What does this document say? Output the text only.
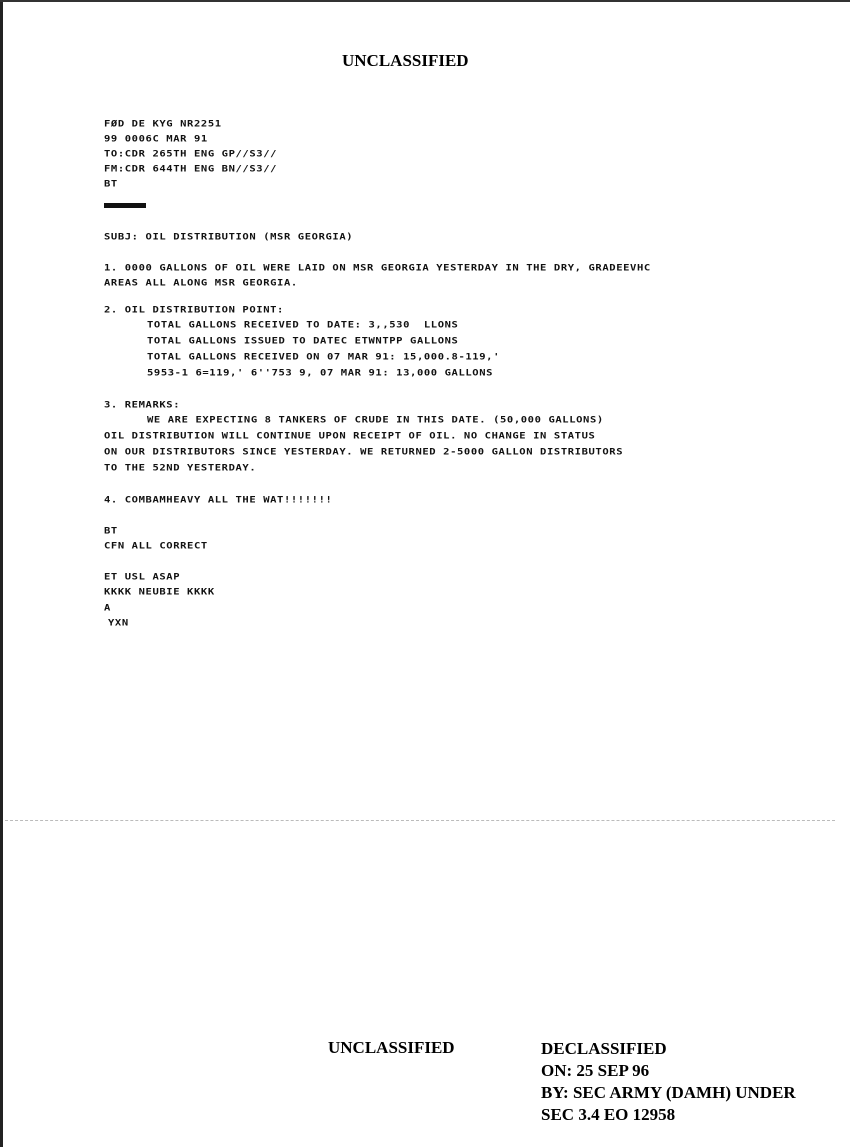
UNCLASSIFIED
FØD DE KYG NR2251
99 0006C MAR 91
TO:CDR 265TH ENG GP//S3//
FM:CDR 644TH ENG BN//S3//
BT
SUBJ: OIL DISTRIBUTION (MSR GEORGIA)
1. 0000 GALLONS OF OIL WERE LAID ON MSR GEORGIA YESTERDAY IN THE DRY, GRADEEVHC
AREAS ALL ALONG MSR GEORGIA.
2. OIL DISTRIBUTION POINT:
TOTAL GALLONS RECEIVED TO DATE: 3,,530  LLONS
TOTAL GALLONS ISSUED TO DATEC ETWNTPP GALLONS
TOTAL GALLONS RECEIVED ON 07 MAR 91: 15,000.8-119,'
5953-1 6=119,' 6''753 9, 07 MAR 91: 13,000 GALLONS
3. REMARKS:
WE ARE EXPECTING 8 TANKERS OF CRUDE IN THIS DATE. (50,000 GALLONS)
OIL DISTRIBUTION WILL CONTINUE UPON RECEIPT OF OIL. NO CHANGE IN STATUS
ON OUR DISTRIBUTORS SINCE YESTERDAY. WE RETURNED 2-5000 GALLON DISTRIBUTORS
TO THE 52ND YESTERDAY.
4. COMBAMHEAVY ALL THE WAT!!!!!!!
BT
CFN ALL CORRECT
ET USL ASAP
KKKK NEUBIE KKKK
A
YXN
UNCLASSIFIED	DECLASSIFIED
ON: 25 SEP 96
BY: SEC ARMY (DAMH) UNDER
SEC 3.4 EO 12958
